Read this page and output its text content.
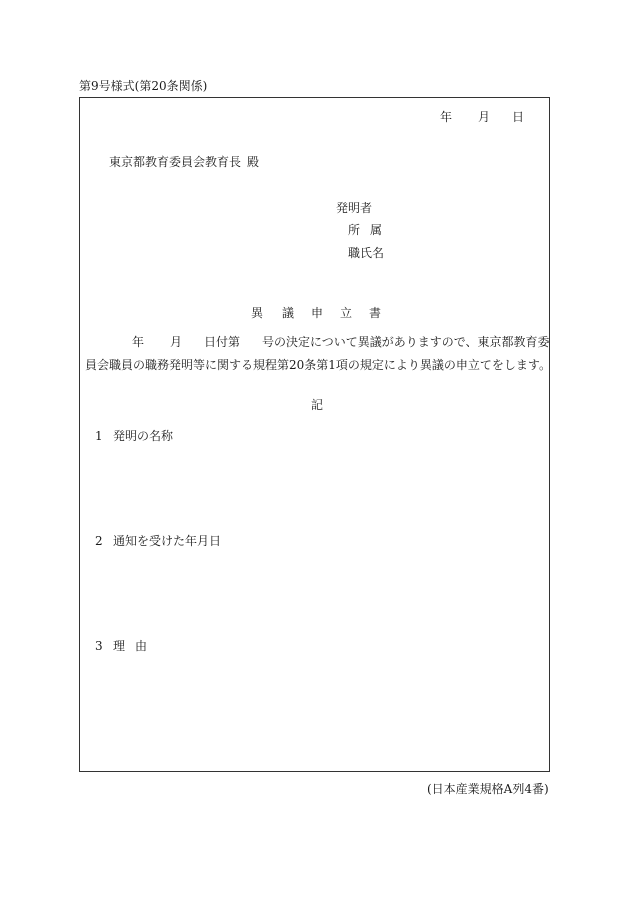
第9号様式(第20条関係)
年 月 日
東京都教育委員会教育長 殿
発明者
所 属
職氏名
異 議 申 立 書
年 月 日付第 号の決定について異議がありますので、東京都教育委
員会職員の職務発明等に関する規程第20条第1項の規定により異議の申立てをします。
記
1 発明の名称
2 通知を受けた年月日
3 理 由
(日本産業規格A列4番)
